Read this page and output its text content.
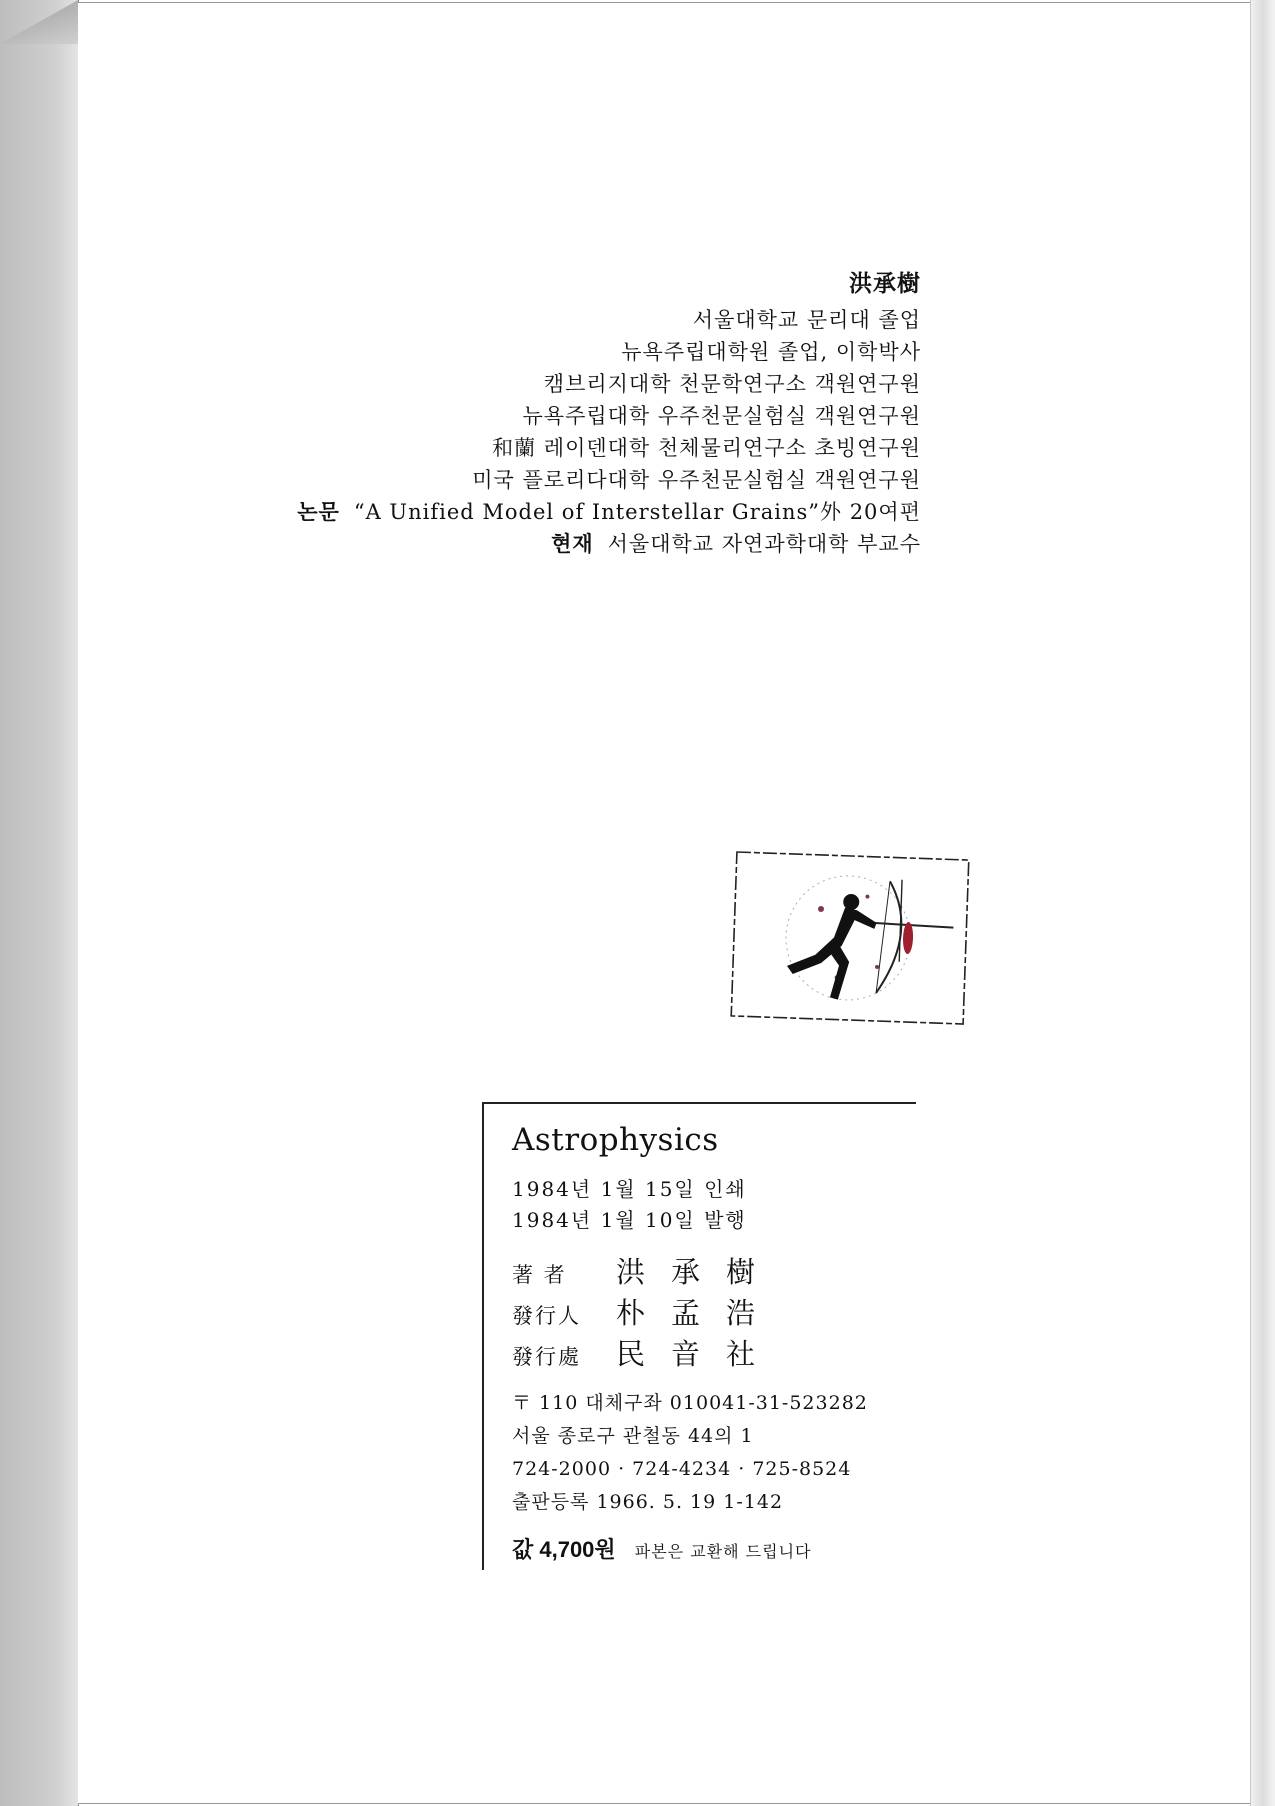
洪承樹
서울대학교 문리대 졸업
뉴욕주립대학원 졸업, 이학박사
캠브리지대학 천문학연구소 객원연구원
뉴욕주립대학 우주천문실험실 객원연구원
和蘭 레이덴대학 천체물리연구소 초빙연구원
미국 플로리다대학 우주천문실험실 객원연구원
논문 “A Unified Model of Interstellar Grains”外 20여편
현재 서울대학교 자연과학대학 부교수
Astrophysics
1984년 1월 15일 인쇄
1984년 1월 10일 발행
著 者	洪承樹
發行人	朴孟浩
發行處	民音社
〒 110 대체구좌 010041-31-523282
서울 종로구 관철동 44의 1
724-2000 · 724-4234 · 725-8524
출판등록 1966. 5. 19 1-142
값 4,700원 파본은 교환해 드립니다
